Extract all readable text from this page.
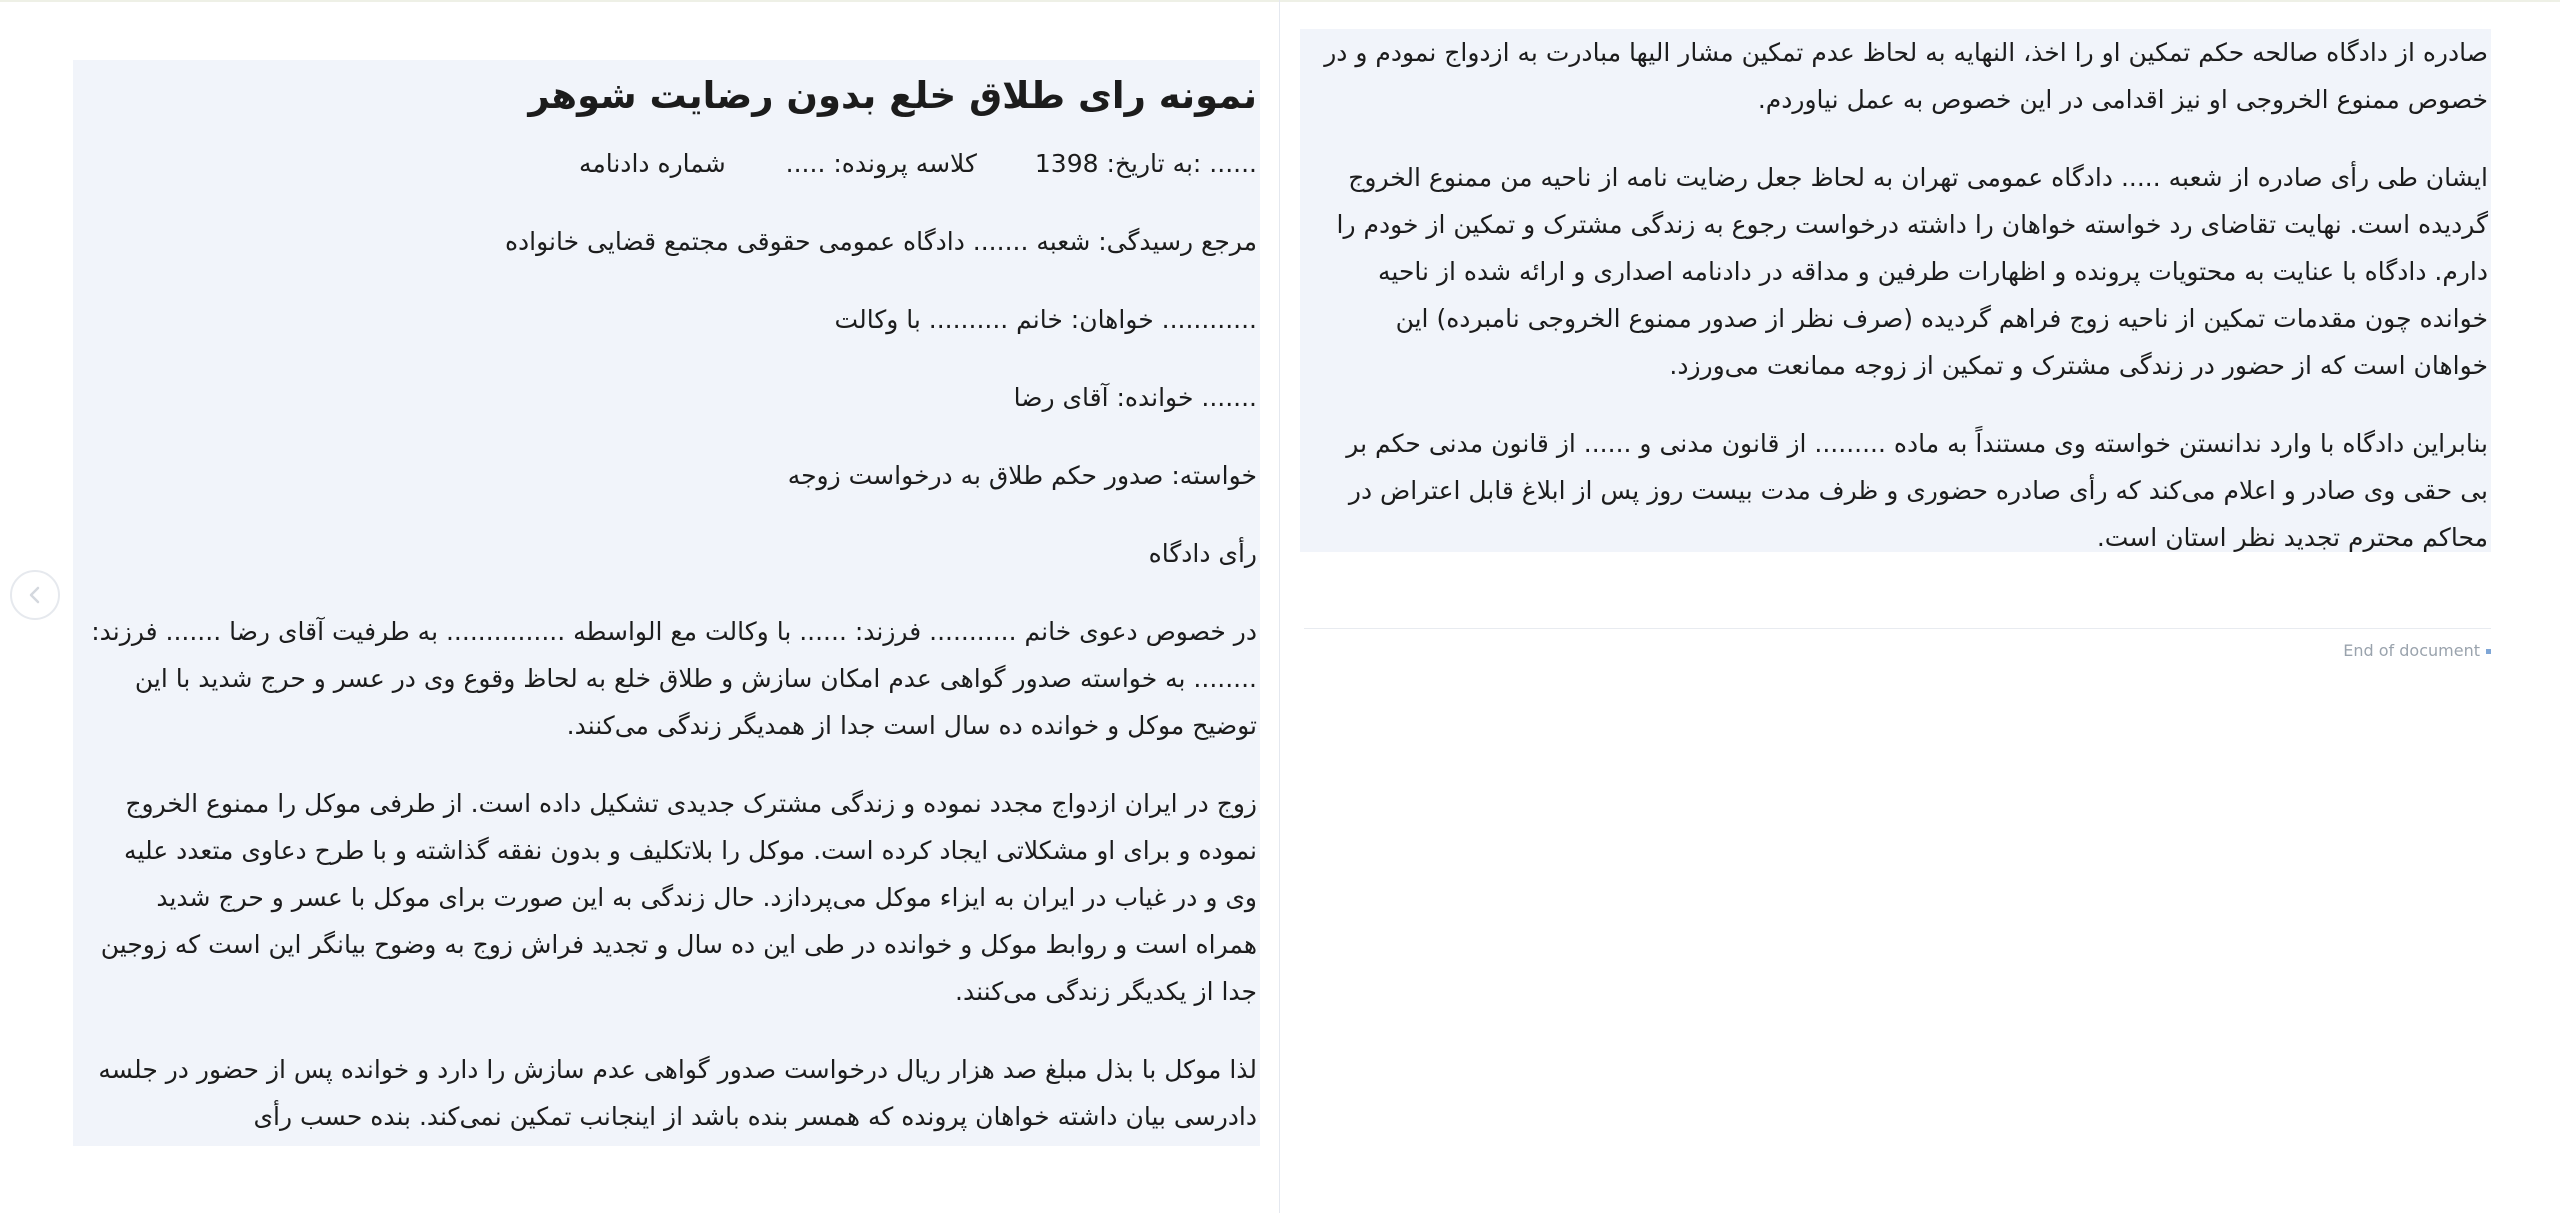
نمونه رای طلاق خلع بدون رضایت شوهر
...... :به تاریخ: 1398کلاسه پرونده: .....شماره دادنامه
مرجع رسیدگی: شعبه ....... دادگاه عمومی حقوقی مجتمع قضایی خانواده
............ خواهان: خانم .......... با وکالت
....... خوانده: آقای رضا
خواسته: صدور حکم طلاق به درخواست زوجه
رأی دادگاه
در خصوص دعوی خانم ........... فرزند: ...... با وکالت مع الواسطه ............... به طرفیت آقای رضا ....... فرزند: ........ به خواسته صدور گواهی عدم امکان سازش و طلاق خلع به لحاظ وقوع وی در عسر و حرج شدید با این توضیح موکل و خوانده ده سال است جدا از همدیگر زندگی می‌کنند.
زوج در ایران ازدواج مجدد نموده و زندگی مشترک جدیدی تشکیل داده است. از طرفی موکل را ممنوع الخروج نموده و برای او مشکلاتی ایجاد کرده است. موکل را بلاتکلیف و بدون نفقه گذاشته و با طرح دعاوی متعدد علیه وی و در غیاب در ایران به ایزاء موکل می‌پردازد. حال زندگی به این صورت برای موکل با عسر و حرج شدید همراه است و روابط موکل و خوانده در طی این ده سال و تجدید فراش زوج به وضوح بیانگر این است که زوجین جدا از یکدیگر زندگی می‌کنند.
لذا موکل با بذل مبلغ صد هزار ریال درخواست صدور گواهی عدم سازش را دارد و خوانده پس از حضور در جلسه دادرسی بیان داشته خواهان پرونده که همسر بنده باشد از اینجانب تمکین نمی‌کند. بنده حسب رأی
صادره از دادگاه صالحه حکم تمکین او را اخذ، النهایه به لحاظ عدم تمکین مشار الیها مبادرت به ازدواج نمودم و در خصوص ممنوع الخروجی او نیز اقدامی در این خصوص به عمل نیاوردم.
ایشان طی رأی صادره از شعبه ..... دادگاه عمومی تهران به لحاظ جعل رضایت نامه از ناحیه من ممنوع الخروج گردیده است. نهایت تقاضای رد خواسته خواهان را داشته درخواست رجوع به زندگی مشترک و تمکین از خودم را دارم. دادگاه با عنایت به محتویات پرونده و اظهارات طرفین و مداقه در دادنامه اصداری و ارائه شده از ناحیه خوانده چون مقدمات تمکین از ناحیه زوج فراهم گردیده (صرف نظر از صدور ممنوع الخروجی نامبرده) این خواهان است که از حضور در زندگی مشترک و تمکین از زوجه ممانعت می‌ورزد.
بنابراین دادگاه با وارد ندانستن خواسته وی مستنداً به ماده ......... از قانون مدنی و ...... از قانون مدنی حکم بر بی حقی وی صادر و اعلام می‌کند که رأی صادره حضوری و ظرف مدت بیست روز پس از ابلاغ قابل اعتراض در محاکم محترم تجدید نظر استان است.
End of document
